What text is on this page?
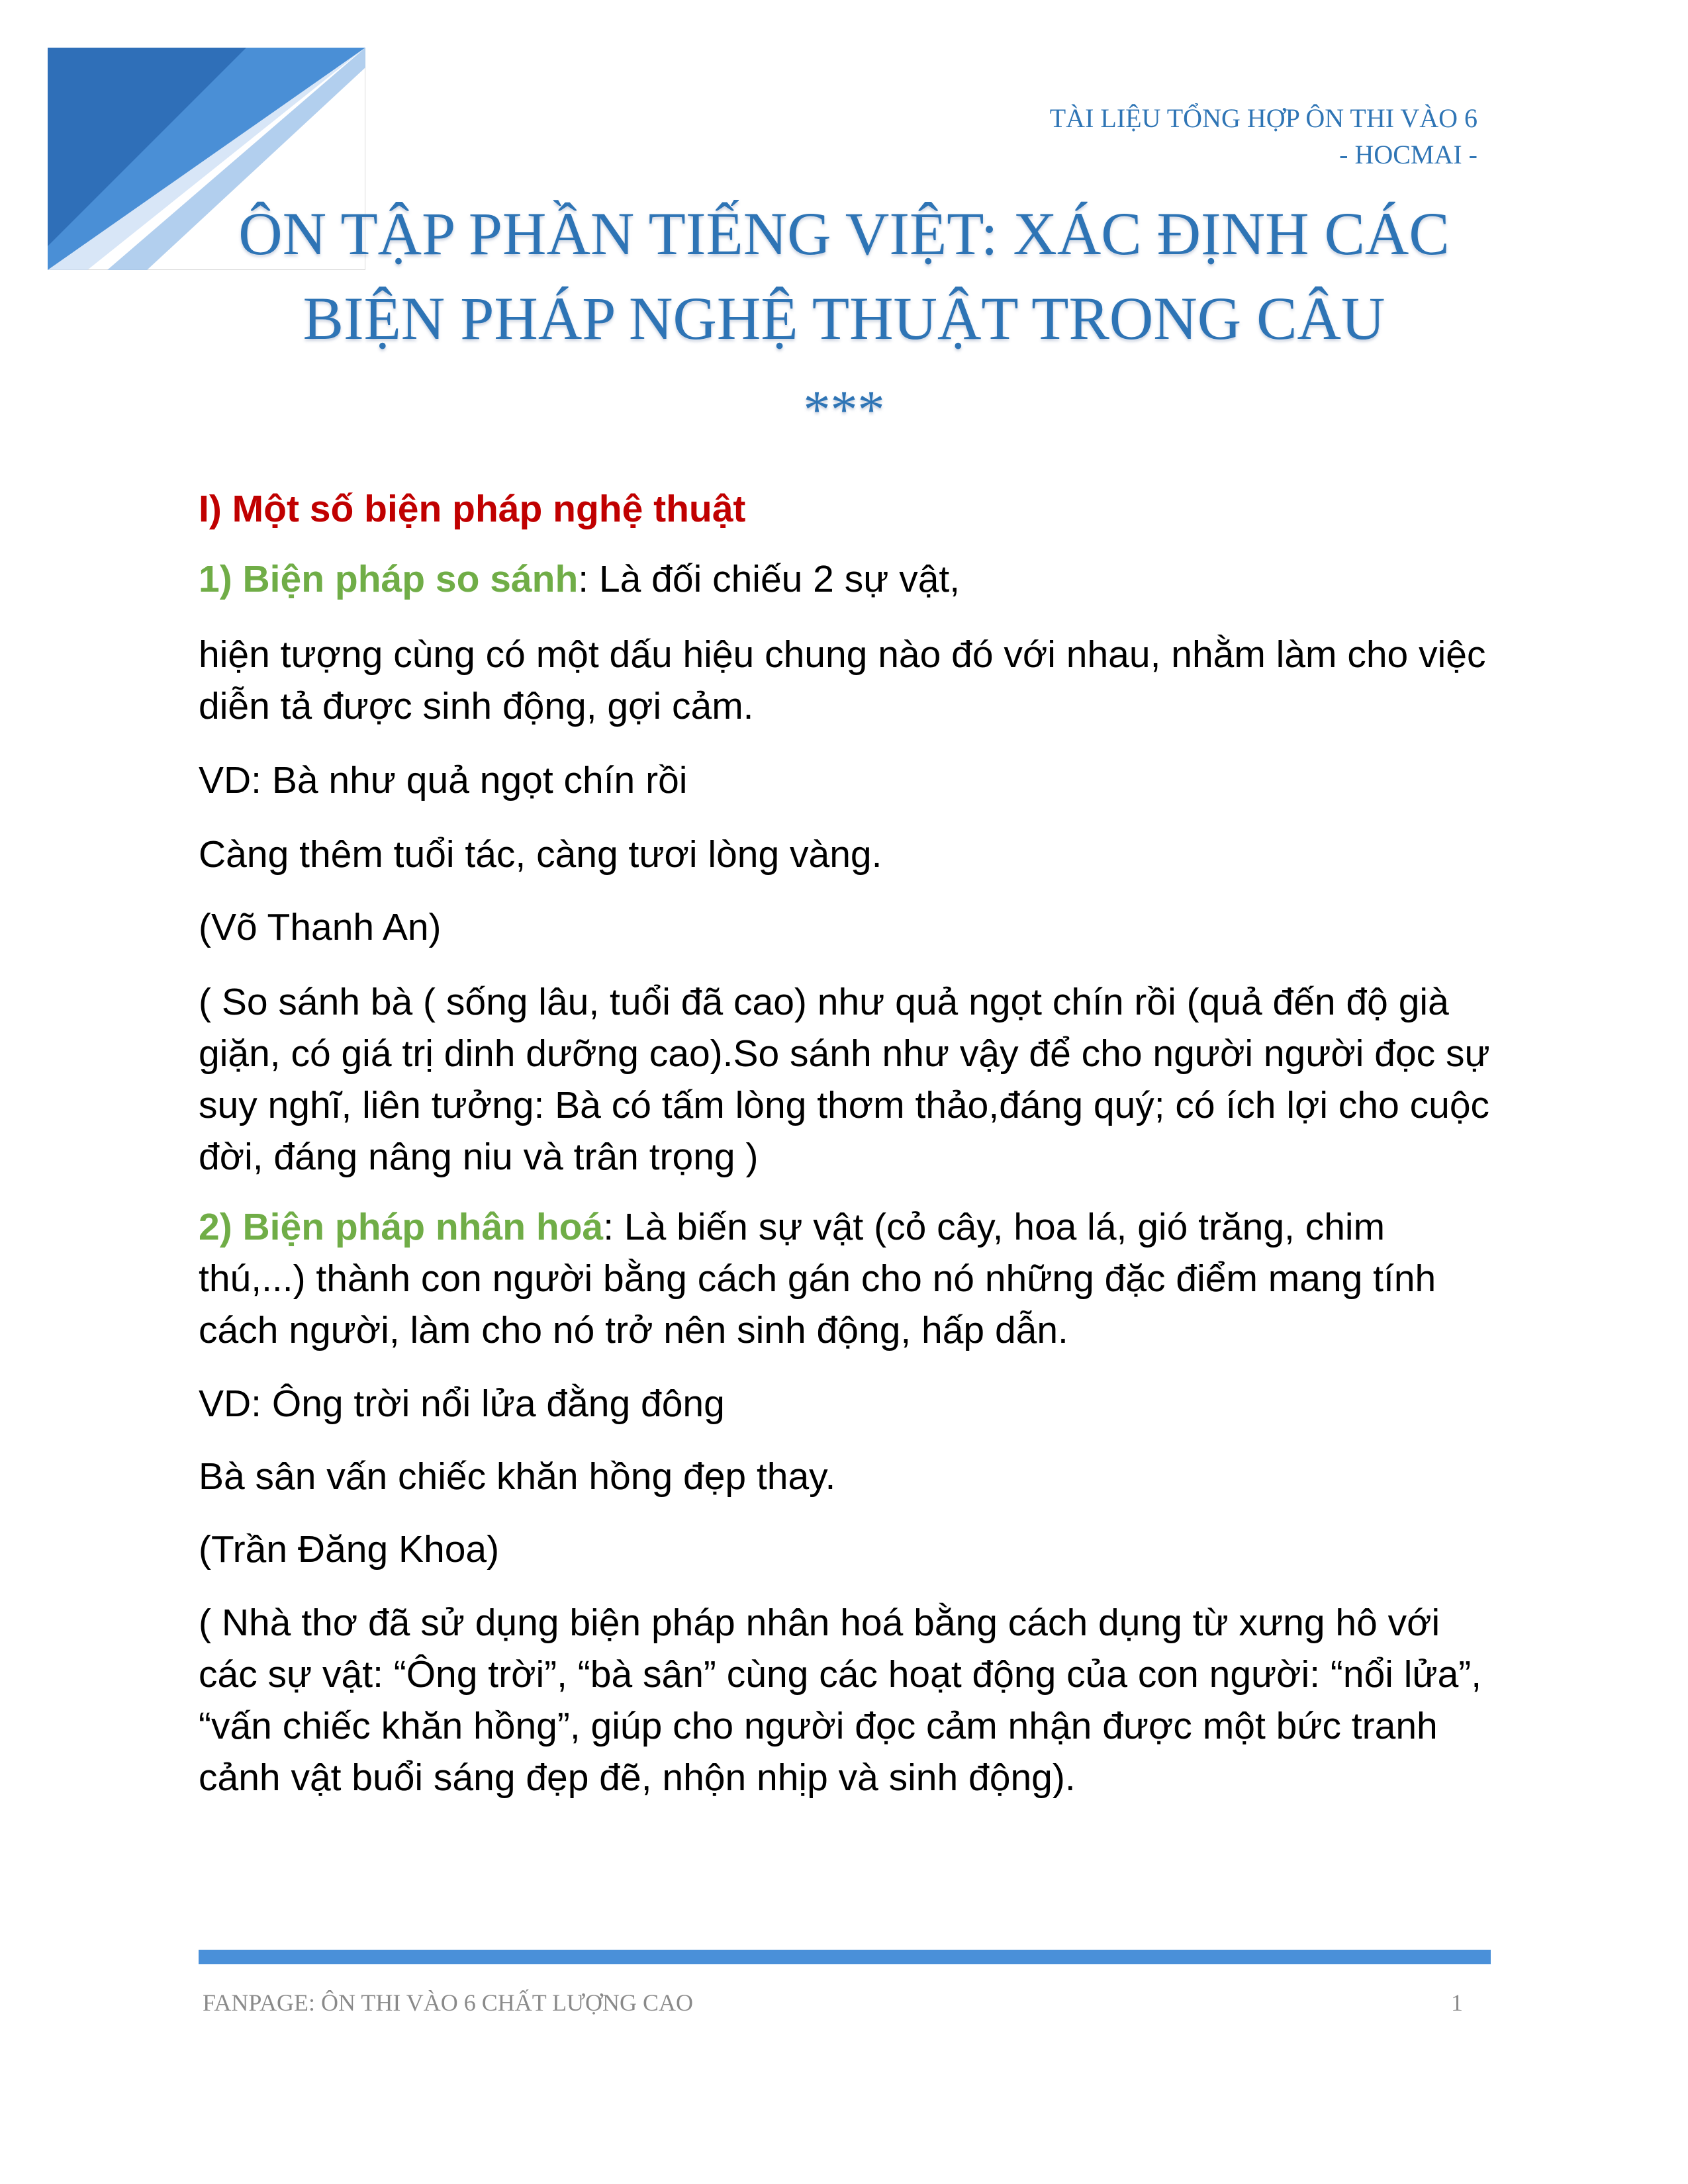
TÀI LIỆU TỔNG HỢP ÔN THI VÀO 6
- HOCMAI -
ÔN TẬP PHẦN TIẾNG VIỆT: XÁC ĐỊNH CÁC
BIỆN PHÁP NGHỆ THUẬT TRONG CÂU
***

I) Một số biện pháp nghệ thuật

1) Biện pháp so sánh: Là đối chiếu 2 sự vật,

hiện tượng cùng có một dấu hiệu chung nào đó với nhau, nhằm làm cho việc diễn tả được sinh động, gợi cảm.

VD: Bà như quả ngọt chín rồi

Càng thêm tuổi tác, càng tươi lòng vàng.

(Võ Thanh An)

( So sánh bà ( sống lâu, tuổi đã cao) như quả ngọt chín rồi (quả đến độ già giặn, có giá trị dinh dưỡng cao).So sánh như vậy để cho người người đọc sự suy nghĩ, liên tưởng: Bà có tấm lòng thơm thảo,đáng quý; có ích lợi cho cuộc đời, đáng nâng niu và trân trọng )

2) Biện pháp nhân hoá: Là biến sự vật (cỏ cây, hoa lá, gió trăng, chim thú,...) thành con người bằng cách gán cho nó những đặc điểm mang tính cách người, làm cho nó trở nên sinh động, hấp dẫn.

VD: Ông trời nổi lửa đằng đông

Bà sân vấn chiếc khăn hồng đẹp thay.

(Trần Đăng Khoa)

( Nhà thơ đã sử dụng biện pháp nhân hoá bằng cách dụng từ xưng hô với các sự vật: “Ông trời”, “bà sân” cùng các hoạt động của con người: “nổi lửa”, “vấn chiếc khăn hồng”, giúp cho người đọc cảm nhận được một bức tranh cảnh vật buổi sáng đẹp đẽ, nhộn nhịp và sinh động).

FANPAGE: ÔN THI VÀO 6 CHẤT LƯỢNG CAO	1
